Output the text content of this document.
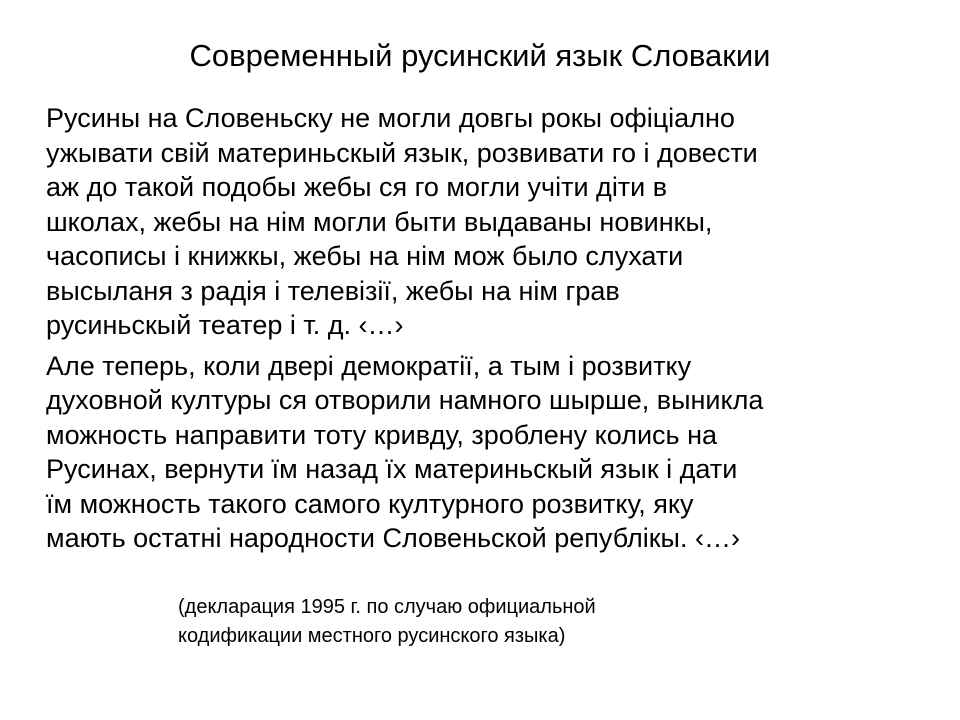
Современный русинский язык Словакии

Русины на Словеньску не могли довгы рокы офіціално
ужывати свій материньскый язык, розвивати го і довести
аж до такой подобы жебы ся го могли учіти діти в
школах, жебы на нім могли быти выдаваны новинкы,
часописы і книжкы, жебы на нім мож было слухати
высыланя з радія і телевізії, жебы на нім грав
русиньскый театер і т. д. ‹…›

Але теперь, коли двері демократії, а тым і розвитку
духовной културы ся отворили намного шырше, выникла
можность направити тоту кривду, зроблену колись на
Русинах, вернути їм назад їх материньскый язык і дати
їм можность такого самого културного розвитку, яку
мають остатні народности Словеньской републікы. ‹…›

(декларация 1995 г. по случаю официальной
кодификации местного русинского языка)
